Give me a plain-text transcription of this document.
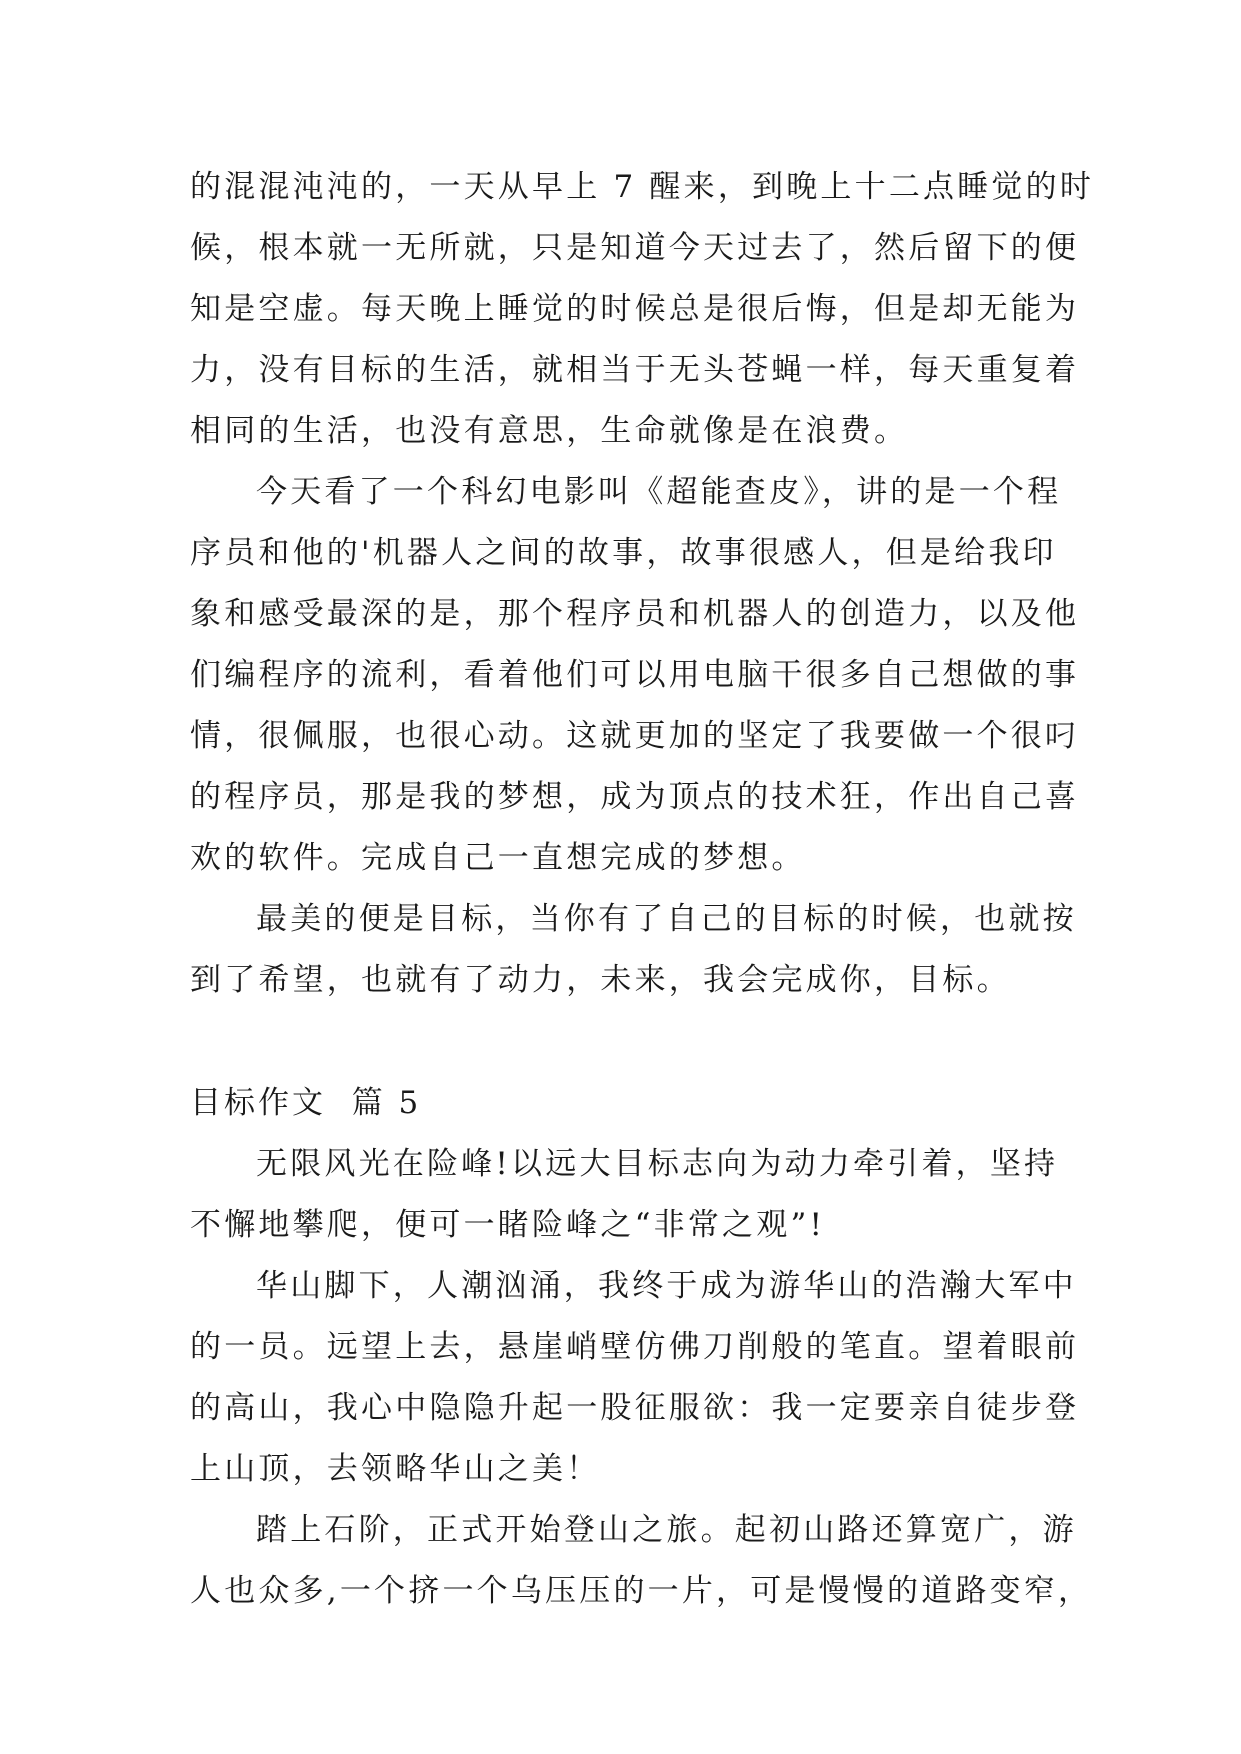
的混混沌沌的，一天从早上 7 醒来，到晚上十二点睡觉的时
候，根本就一无所就，只是知道今天过去了，然后留下的便
知是空虚。每天晚上睡觉的时候总是很后悔，但是却无能为
力，没有目标的生活，就相当于无头苍蝇一样，每天重复着
相同的生活，也没有意思，生命就像是在浪费。
今天看了一个科幻电影叫《超能查皮》，讲的是一个程
序员和他的'机器人之间的故事，故事很感人，但是给我印
象和感受最深的是，那个程序员和机器人的创造力，以及他
们编程序的流利，看着他们可以用电脑干很多自己想做的事
情，很佩服，也很心动。这就更加的坚定了我要做一个很叼
的程序员，那是我的梦想，成为顶点的技术狂，作出自己喜
欢的软件。完成自己一直想完成的梦想。
最美的便是目标，当你有了自己的目标的时候，也就按
到了希望，也就有了动力，未来，我会完成你，目标。
目标作文  篇 5
无限风光在险峰!以远大目标志向为动力牵引着，坚持
不懈地攀爬，便可一睹险峰之“非常之观”!
华山脚下，人潮汹涌，我终于成为游华山的浩瀚大军中
的一员。远望上去，悬崖峭壁仿佛刀削般的笔直。望着眼前
的高山，我心中隐隐升起一股征服欲：我一定要亲自徒步登
上山顶，去领略华山之美！
踏上石阶，正式开始登山之旅。起初山路还算宽广，游
人也众多,一个挤一个乌压压的一片，可是慢慢的道路变窄，
